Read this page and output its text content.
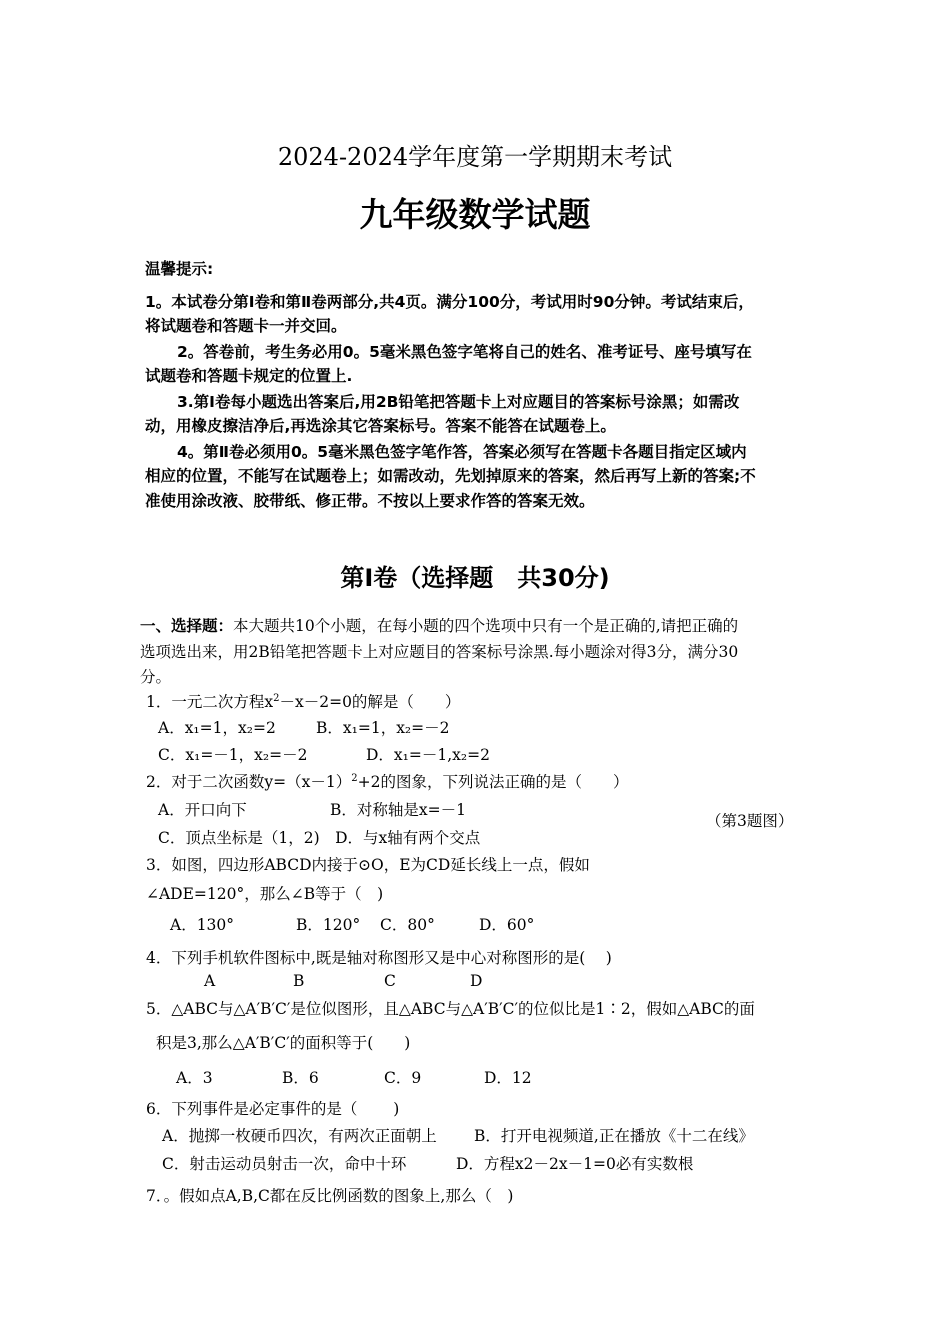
2024-2024学年度第一学期期末考试
九年级数学试题
温馨提示:
1。本试卷分第Ⅰ卷和第Ⅱ卷两部分,共4页。满分100分，考试用时90分钟。考试结束后，
将试题卷和答题卡一并交回。
2。答卷前，考生务必用0。5毫米黑色签字笔将自己的姓名、准考证号、座号填写在
试题卷和答题卡规定的位置上.
3.第Ⅰ卷每小题选出答案后,用2B铅笔把答题卡上对应题目的答案标号涂黑；如需改
动，用橡皮擦洁净后,再选涂其它答案标号。答案不能答在试题卷上。
4。第Ⅱ卷必须用0。5毫米黑色签字笔作答，答案必须写在答题卡各题目指定区域内
相应的位置，不能写在试题卷上；如需改动，先划掉原来的答案，然后再写上新的答案;不
准使用涂改液、胶带纸、修正带。不按以上要求作答的答案无效。
第Ⅰ卷（选择题　共30分)
一、选择题：本大题共10个小题，在每小题的四个选项中只有一个是正确的,请把正确的
选项选出来，用2B铅笔把答题卡上对应题目的答案标号涂黑.每小题涂对得3分，满分30
分。
1．一元二次方程$x^2-x-2=0$的解是（　　）
A．x₁=1，x₂=2	B．x₁=1，x₂=－2
C．x₁=－1，x₂=－2	D．x₁=－1,x₂=2
2．对于二次函数$y=(x-1)^2+2$的图象，下列说法正确的是（　　）
A．开口向下	B．对称轴是x=－1
（第3题图）
C．顶点坐标是（1，2)　D．与x轴有两个交点
3．如图，四边形ABCD内接于⊙O，E为CD延长线上一点，假如
∠ADE=120°，那么∠B等于（　)
A．130°	B．120° C．80°	D．60°
4．下列手机软件图标中,既是轴对称图形又是中心对称图形的是(　 )
A	B	C	D
5．△ABC与△A′B′C′是位似图形，且△ABC与△A′B′C′的位似比是1∶2，假如△ABC的面
积是3,那么△A′B′C′的面积等于(　　)
A．3	B．6	C．9	D．12
6．下列事件是必定事件的是（　　 )
A．抛掷一枚硬币四次，有两次正面朝上 B．打开电视频道,正在播放《十二在线》
C．射击运动员射击一次，命中十环	D．方程x2－2x－1=0必有实数根
7．。假如点A,B,C都在反比例函数的图象上,那么（　)
